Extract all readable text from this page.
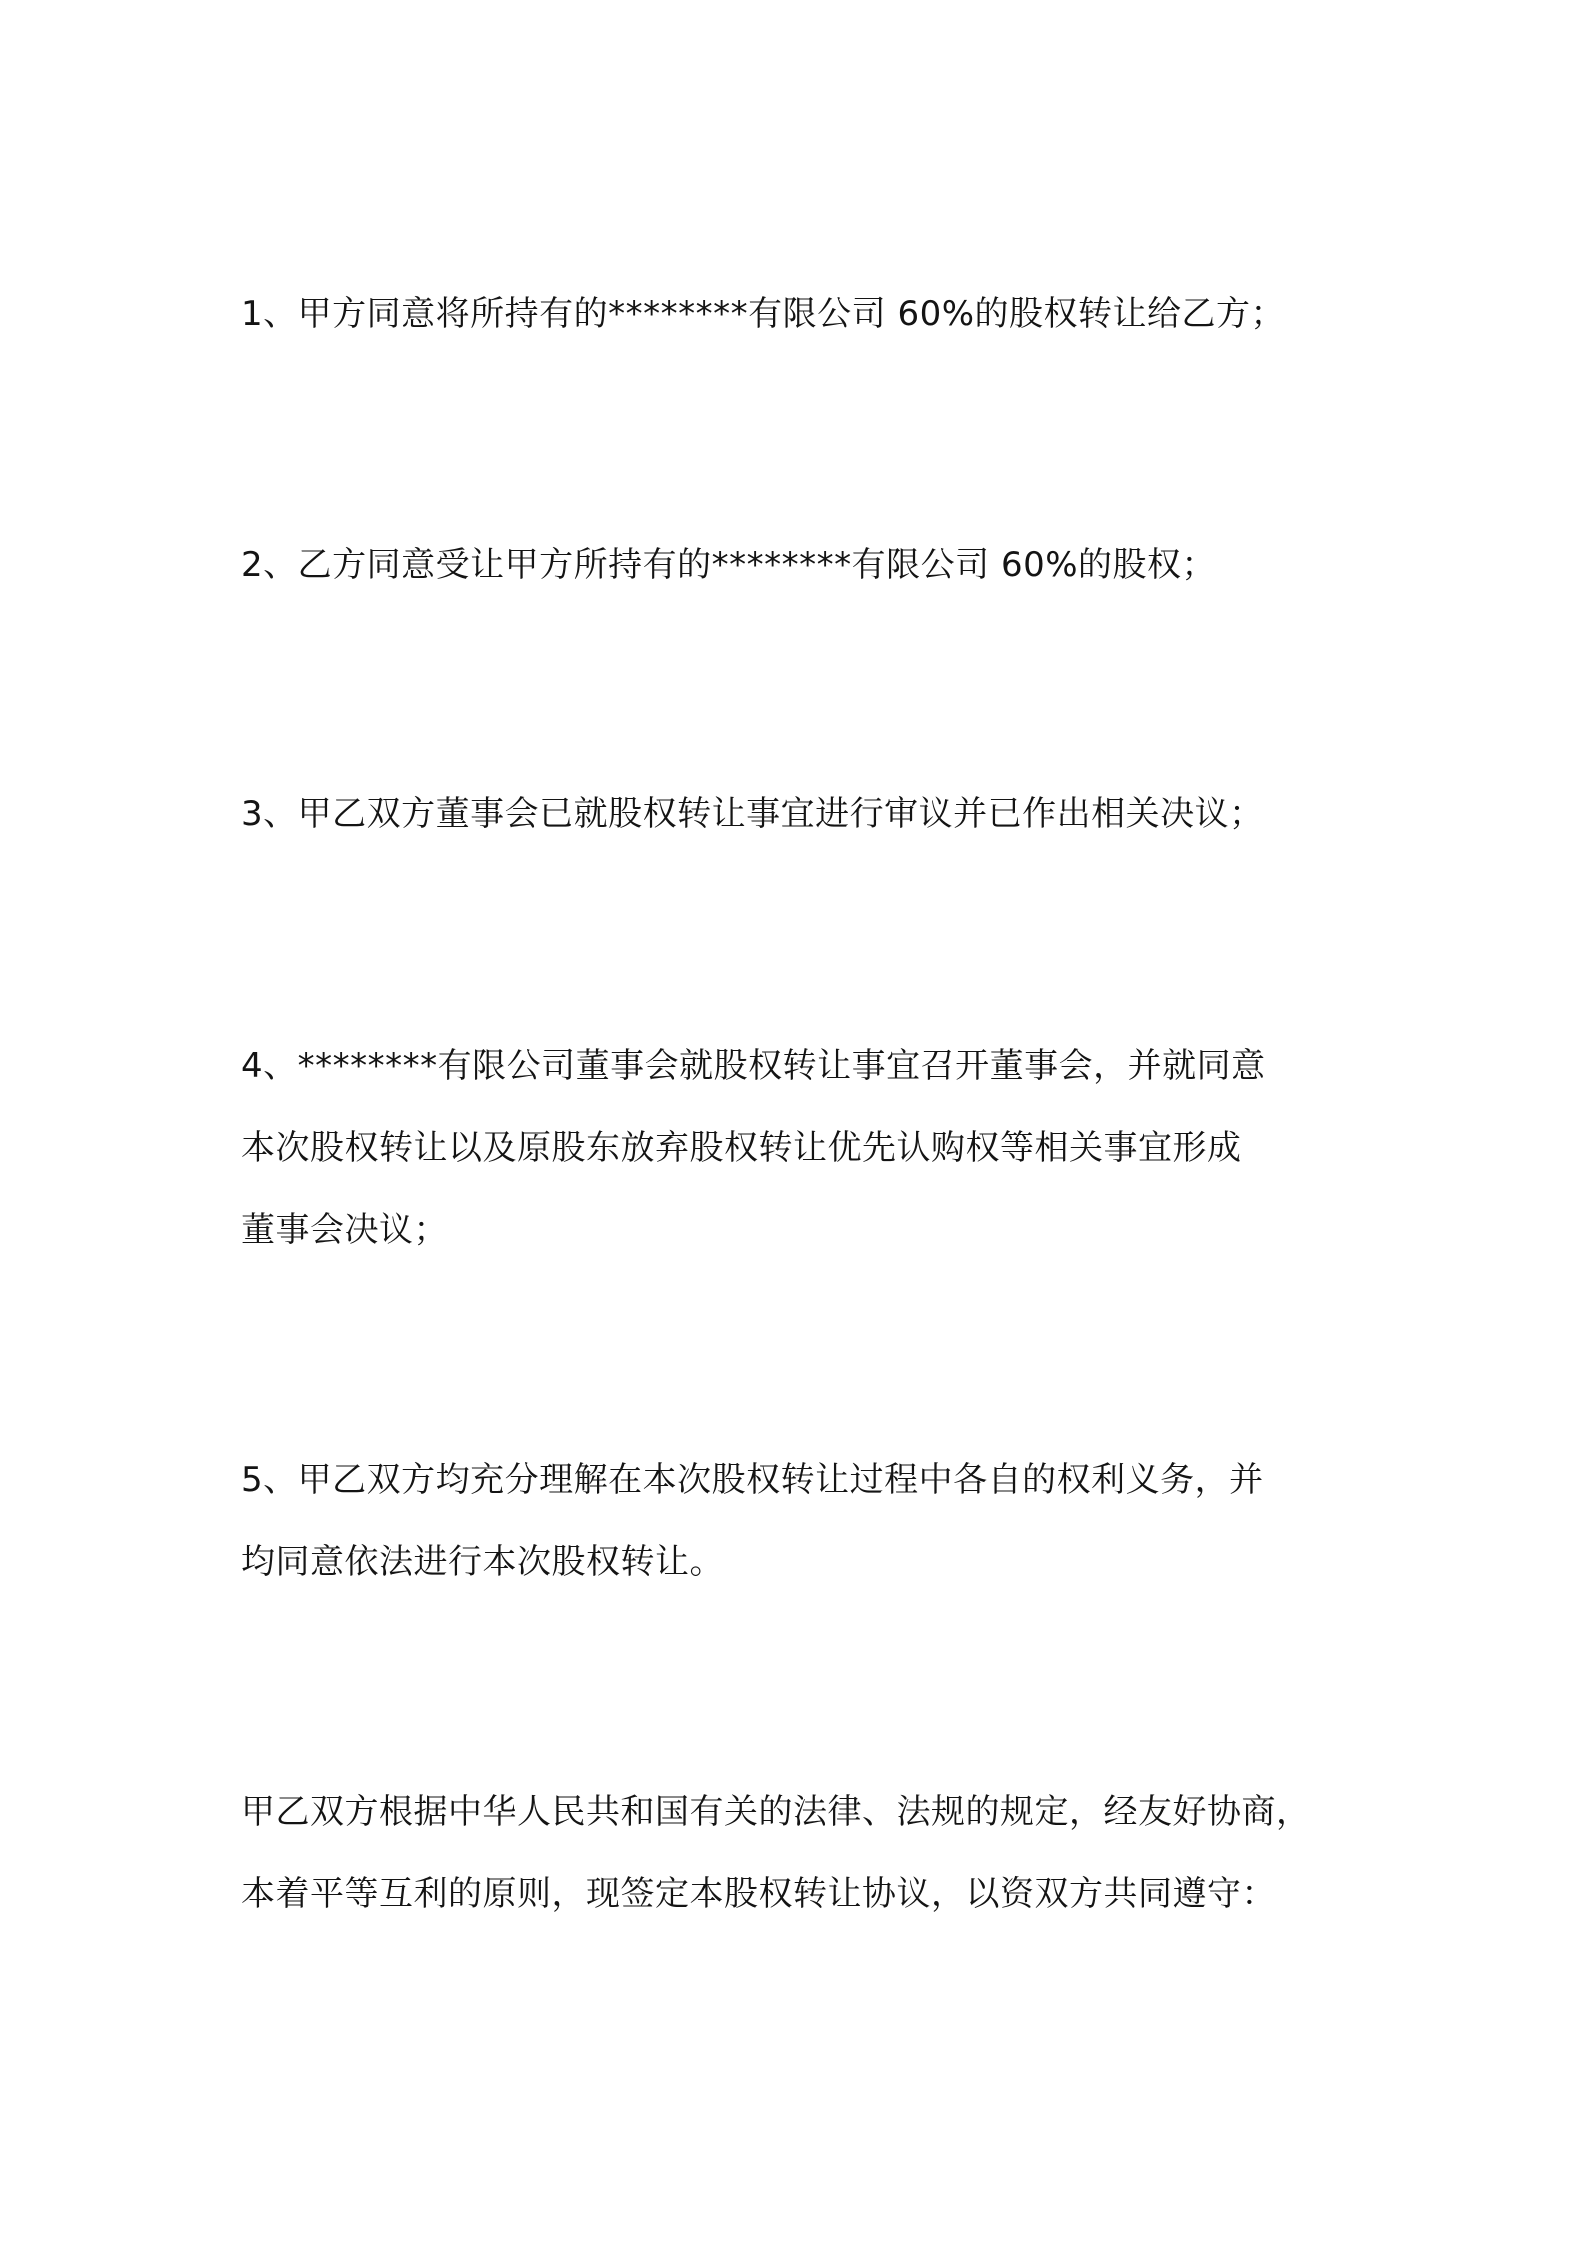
1、甲方同意将所持有的********有限公司 60%的股权转让给乙方；
2、乙方同意受让甲方所持有的********有限公司 60%的股权；
3、甲乙双方董事会已就股权转让事宜进行审议并已作出相关决议；
4、********有限公司董事会就股权转让事宜召开董事会，并就同意
本次股权转让以及原股东放弃股权转让优先认购权等相关事宜形成
董事会决议；
5、甲乙双方均充分理解在本次股权转让过程中各自的权利义务，并
均同意依法进行本次股权转让。
甲乙双方根据中华人民共和国有关的法律、法规的规定，经友好协商，
本着平等互利的原则，现签定本股权转让协议，以资双方共同遵守：
